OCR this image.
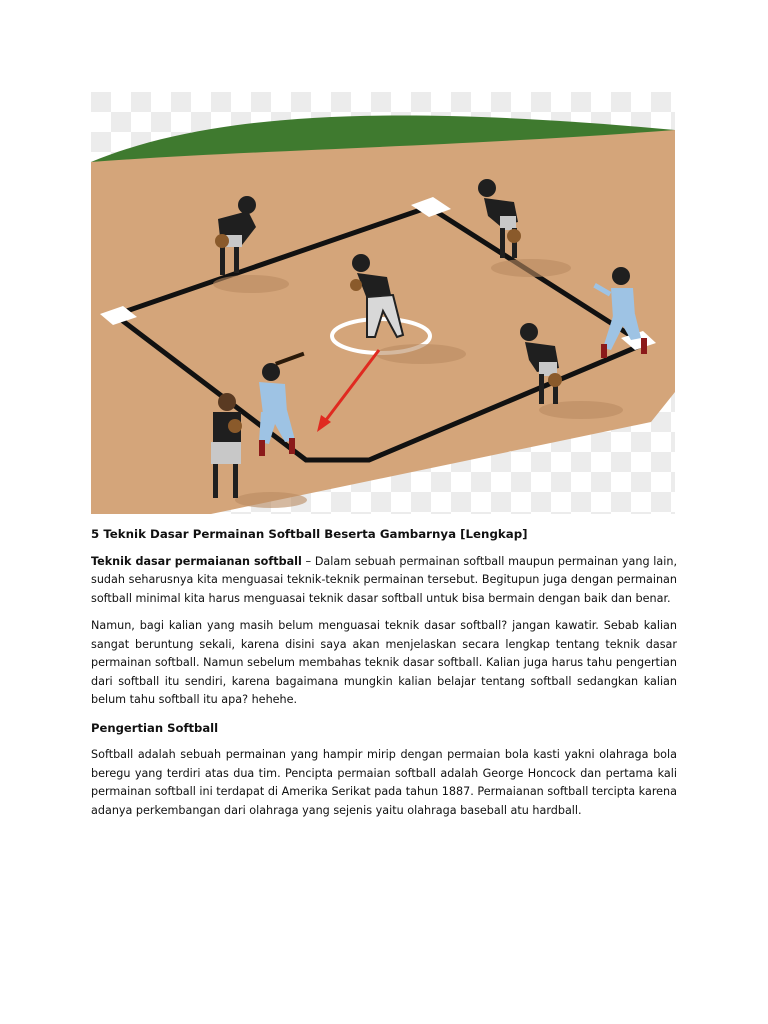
5 Teknik Dasar Permainan Softball Beserta Gambarnya [Lengkap]

Teknik dasar permaianan softball – Dalam sebuah permainan softball maupun permainan yang lain, sudah seharusnya kita menguasai teknik-teknik permainan tersebut. Begitupun juga dengan permainan softball minimal kita harus menguasai teknik dasar softball untuk bisa bermain dengan baik dan benar.

Namun, bagi kalian yang masih belum menguasai teknik dasar softball? jangan kawatir. Sebab kalian sangat beruntung sekali, karena disini saya akan menjelaskan secara lengkap tentang teknik dasar permainan softball. Namun sebelum membahas teknik dasar softball. Kalian juga harus tahu pengertian dari softball itu sendiri, karena bagaimana mungkin kalian belajar tentang softball sedangkan kalian belum tahu softball itu apa? hehehe.

Pengertian Softball

Softball adalah sebuah permainan yang hampir mirip dengan permaian bola kasti yakni olahraga bola beregu yang terdiri atas dua tim. Pencipta permaian softball adalah George Honcock dan pertama kali permainan softball ini terdapat di Amerika Serikat pada tahun 1887. Permaianan softball tercipta karena adanya perkembangan dari olahraga yang sejenis yaitu olahraga baseball atu hardball.
